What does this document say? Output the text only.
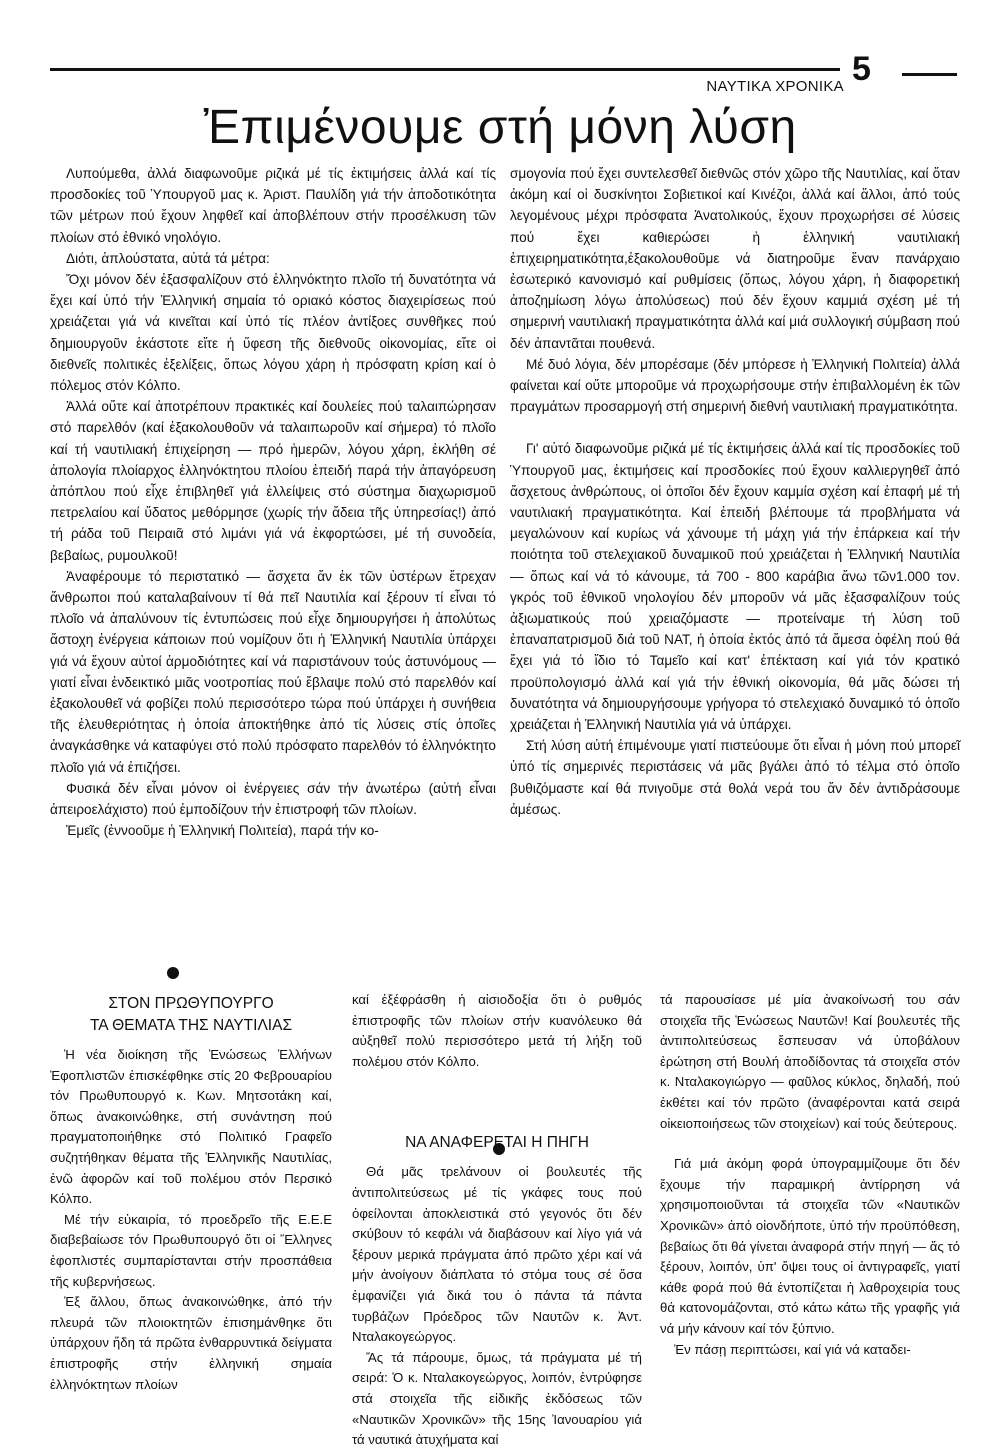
ΝΑΥΤΙΚΑ ΧΡΟΝΙΚΑ 5
Ἐπιμένουμε στή μόνη λύση

Λυπούμεθα, ἀλλά διαφωνοῦμε ριζικά μέ τίς ἐκτιμήσεις ἀλλά καί τίς προσδοκίες τοῦ Ὑπουργοῦ μας κ. Ἀριστ. Παυλίδη γιά τήν ἀποδοτικότητα τῶν μέτρων πού ἔχουν ληφθεῖ καί ἀποβλέπουν στήν προσέλκυση τῶν πλοίων στό ἐθνικό νηολόγιο.

Διότι, ἁπλούστατα, αὐτά τά μέτρα:

Ὄχι μόνον δέν ἐξασφαλίζουν στό ἑλληνόκτητο πλοῖο τή δυνατότητα νά ἔχει καί ὑπό τήν Ἑλληνική σημαία τό οριακό κόστος διαχειρίσεως πού χρειάζεται γιά νά κινεῖται καί ὑπό τίς πλέον ἀντίξοες συνθῆκες πού δημιουργοῦν ἑκάστοτε εἴτε ἡ ὕφεση τῆς διεθνοῦς οἰκονομίας, εἴτε οἱ διεθνεῖς πολιτικές ἐξελίξεις, ὅπως λόγου χάρη ἡ πρόσφατη κρίση καί ὁ πόλεμος στόν Κόλπο.

Ἀλλά οὔτε καί ἀποτρέπουν πρακτικές καί δουλείες πού ταλαιπώρησαν στό παρελθόν (καί ἐξακολουθοῦν νά ταλαιπωροῦν καί σήμερα) τό πλοῖο καί τή ναυτιλιακή ἐπιχείρηση — πρό ἡμερῶν, λόγου χάρη, ἐκλήθη σέ ἀπολογία πλοίαρχος ἑλληνόκτητου πλοίου ἐπειδή παρά τήν ἀπαγόρευση ἀπόπλου πού εἶχε ἐπιβληθεῖ γιά ἐλλείψεις στό σύστημα διαχωρισμοῦ πετρελαίου καί ὕδατος μεθόρμησε (χωρίς τήν ἄδεια τῆς ὑπηρεσίας!) ἀπό τή ράδα τοῦ Πειραιᾶ στό λιμάνι γιά νά ἐκφορτώσει, μέ τή συνοδεία, βεβαίως, ρυμουλκοῦ!

Ἀναφέρουμε τό περιστατικό — ἄσχετα ἄν ἐκ τῶν ὑστέρων ἔτρεχαν ἄνθρωποι πού καταλαβαίνουν τί θά πεῖ Ναυτιλία καί ξέρουν τί εἶναι τό πλοῖο νά ἀπαλύνουν τίς ἐντυπώσεις πού εἶχε δημιουργήσει ἡ ἀπολύτως ἄστοχη ἐνέργεια κάποιων πού νομίζουν ὅτι ἡ Ἑλληνική Ναυτιλία ὑπάρχει γιά νά ἔχουν αὐτοί ἁρμοδιότητες καί νά παριστάνουν τούς ἀστυνόμους — γιατί εἶναι ἐνδεικτικό μιᾶς νοοτροπίας πού ἔβλαψε πολύ στό παρελθόν καί ἐξακολουθεῖ νά φοβίζει πολύ περισσότερο τώρα πού ὑπάρχει ἡ συνήθεια τῆς ἐλευθεριότητας ἡ ὁποία ἀποκτήθηκε ἀπό τίς λύσεις στίς ὁποῖες ἀναγκάσθηκε νά καταφύγει στό πολύ πρόσφατο παρελθόν τό ἑλληνόκτητο πλοῖο γιά νά ἐπιζήσει.

Φυσικά δέν εἶναι μόνον οἱ ἐνέργειες σάν τήν ἀνωτέρω (αὐτή εἶναι ἀπειροελάχιστο) πού ἐμποδίζουν τήν ἐπιστροφή τῶν πλοίων.

Ἐμεῖς (ἐννοοῦμε ἡ Ἑλληνική Πολιτεία), παρά τήν κο-

σμογονία πού ἔχει συντελεσθεῖ διεθνῶς στόν χῶρο τῆς Ναυτιλίας, καί ὅταν ἀκόμη καί οἱ δυσκίνητοι Σοβιετικοί καί Κινέζοι, ἀλλά καί ἄλλοι, ἀπό τούς λεγομένους μέχρι πρόσφατα Ἀνατολικούς, ἔχουν προχωρήσει σέ λύσεις πού ἔχει καθιερώσει ἡ ἑλληνική ναυτιλιακή ἐπιχειρηματικότητα,ἐξακολουθοῦμε νά διατηροῦμε ἕναν πανάρχαιο ἐσωτερικό κανονισμό καί ρυθμίσεις (ὅπως, λόγου χάρη, ἡ διαφορετική ἀποζημίωση λόγω ἀπολύσεως) πού δέν ἔχουν καμμιά σχέση μέ τή σημερινή ναυτιλιακή πραγματικότητα ἀλλά καί μιά συλλογική σύμβαση πού δέν ἀπαντᾶται πουθενά.

Μέ δυό λόγια, δέν μπορέσαμε (δέν μπόρεσε ἡ Ἑλληνική Πολιτεία) ἀλλά φαίνεται καί οὔτε μποροῦμε νά προχωρήσουμε στήν ἐπιβαλλομένη ἐκ τῶν πραγμάτων προσαρμογή στή σημερινή διεθνή ναυτιλιακή πραγματικότητα.

Γι' αὐτό διαφωνοῦμε ριζικά μέ τίς ἐκτιμήσεις ἀλλά καί τίς προσδοκίες τοῦ Ὑπουργοῦ μας, ἐκτιμήσεις καί προσδοκίες πού ἔχουν καλλιεργηθεῖ ἀπό ἄσχετους ἀνθρώπους, οἱ ὁποῖοι δέν ἔχουν καμμία σχέση καί ἐπαφή μέ τή ναυτιλιακή πραγματικότητα. Καί ἐπειδή βλέπουμε τά προβλήματα νά μεγαλώνουν καί κυρίως νά χάνουμε τή μάχη γιά τήν ἐπάρκεια καί τήν ποιότητα τοῦ στελεχιακοῦ δυναμικοῦ πού χρειάζεται ἡ Ἑλληνική Ναυτιλία — ὅπως καί νά τό κάνουμε, τά 700 - 800 καράβια ἄνω τῶν1.000 τον. γκρός τοῦ ἐθνικοῦ νηολογίου δέν μποροῦν νά μᾶς ἐξασφαλίζουν τούς ἀξιωματικούς πού χρειαζόμαστε — προτείναμε τή λύση τοῦ ἐπαναπατρισμοῦ διά τοῦ ΝΑΤ, ἡ ὁποία ἐκτός ἀπό τά ἄμεσα ὀφέλη πού θά ἔχει γιά τό ἴδιο τό Ταμεῖο καί κατ' ἐπέκταση καί γιά τόν κρατικό προϋπολογισμό ἀλλά καί γιά τήν ἐθνική οἰκονομία, θά μᾶς δώσει τή δυνατότητα νά δημιουργήσουμε γρήγορα τό στελεχιακό δυναμικό τό ὁποῖο χρειάζεται ἡ Ἑλληνική Ναυτιλία γιά νά ὑπάρχει.

Στή λύση αὐτή ἐπιμένουμε γιατί πιστεύουμε ὅτι εἶναι ἡ μόνη πού μπορεῖ ὑπό τίς σημερινές περιστάσεις νά μᾶς βγάλει ἀπό τό τέλμα στό ὁποῖο βυθιζόμαστε καί θά πνιγοῦμε στά θολά νερά του ἄν δέν ἀντιδράσουμε ἀμέσως.

ΣΤΟΝ ΠΡΩΘΥΠΟΥΡΓΟ
ΤΑ ΘΕΜΑΤΑ ΤΗΣ ΝΑΥΤΙΛΙΑΣ

Ἡ νέα διοίκηση τῆς Ἑνώσεως Ἑλλήνων Ἐφοπλιστῶν ἐπισκέφθηκε στίς 20 Φεβρουαρίου τόν Πρωθυπουργό κ. Κων. Μητσοτάκη καί, ὅπως ἀνακοινώθηκε, στή συνάντηση πού πραγματοποιήθηκε στό Πολιτικό Γραφεῖο συζητήθηκαν θέματα τῆς Ἑλληνικῆς Ναυτιλίας, ἐνῶ ἀφορῶν καί τοῦ πολέμου στόν Περσικό Κόλπο.

Μέ τήν εὐκαιρία, τό προεδρεῖο τῆς Ε.Ε.Ε διαβεβαίωσε τόν Πρωθυπουργό ὅτι οἱ Ἕλληνες ἐφοπλιστές συμπαρίστανται στήν προσπάθεια τῆς κυβερνήσεως.

Ἐξ ἄλλου, ὅπως ἀνακοινώθηκε, ἀπό τήν πλευρά τῶν πλοιοκτητῶν ἐπισημάνθηκε ὅτι ὑπάρχουν ἤδη τά πρῶτα ἐνθαρρυντικά δείγματα ἐπιστροφῆς στήν ἑλληνική σημαία ἑλληνόκτητων πλοίων

καί ἐξέφράσθη ἡ αἰσιοδοξία ὅτι ὁ ρυθμός ἐπιστροφῆς τῶν πλοίων στήν κυανόλευκο θά αὐξηθεῖ πολύ περισσότερο μετά τή λήξη τοῦ πολέμου στόν Κόλπο.

ΝΑ ΑΝΑΦΕΡΕΤΑΙ Η ΠΗΓΗ

Θά μᾶς τρελάνουν οἱ βουλευτές τῆς ἀντιπολιτεύσεως μέ τίς γκάφες τους πού ὀφείλονται ἀποκλειστικά στό γεγονός ὅτι δέν σκύβουν τό κεφάλι νά διαβάσουν καί λίγο γιά νά ξέρουν μερικά πράγματα ἀπό πρῶτο χέρι καί νά μήν ἀνοίγουν διάπλατα τό στόμα τους σέ ὅσα ἐμφανίζει γιά δικά του ὁ πάντα τά πάντα τυρβάζων Πρόεδρος τῶν Ναυτῶν κ. Ἀντ. Νταλακογεώργος.

Ἄς τά πάρουμε, ὅμως, τά πράγματα μέ τή σειρά: Ὁ κ. Νταλακογεώργος, λοιπόν, ἐντρύφησε στά στοιχεῖα τῆς εἰδικῆς ἐκδόσεως τῶν «Ναυτικῶν Χρονικῶν» τῆς 15ης Ἰανουαρίου γιά τά ναυτικά ἀτυχήματα καί

τά παρουσίασε μέ μία ἀνακοίνωσή του σάν στοιχεῖα τῆς Ἑνώσεως Ναυτῶν! Καί βουλευτές τῆς ἀντιπολιτεύσεως ἔσπευσαν νά ὑποβάλουν ἐρώτηση στή Βουλή ἀποδίδοντας τά στοιχεῖα στόν κ. Νταλακογιώργο — φαῦλος κύκλος, δηλαδή, πού ἐκθέτει καί τόν πρῶτο (ἀναφέρονται κατά σειρά οἰκειοποιήσεως τῶν στοιχείων) καί τούς δεύτερους.

Γιά μιά ἀκόμη φορά ὑπογραμμίζουμε ὅτι δέν ἔχουμε τήν παραμικρή ἀντίρρηση νά χρησιμοποιοῦνται τά στοιχεῖα τῶν «Ναυτικῶν Χρονικῶν» ἀπό οἰονδήποτε, ὑπό τήν προϋπόθεση, βεβαίως ὅτι θά γίνεται ἀναφορά στήν πηγή — ἄς τό ξέρουν, λοιπόν, ὑπ' ὄψει τους οἱ ἀντιγραφεῖς, γιατί κάθε φορά πού θά ἐντοπίζεται ἡ λαθροχειρία τους θά κατονομάζονται, στό κάτω κάτω τῆς γραφῆς γιά νά μήν κάνουν καί τόν ξύπνιο.

Ἐν πάσῃ περιπτώσει, καί γιά νά καταδει-
